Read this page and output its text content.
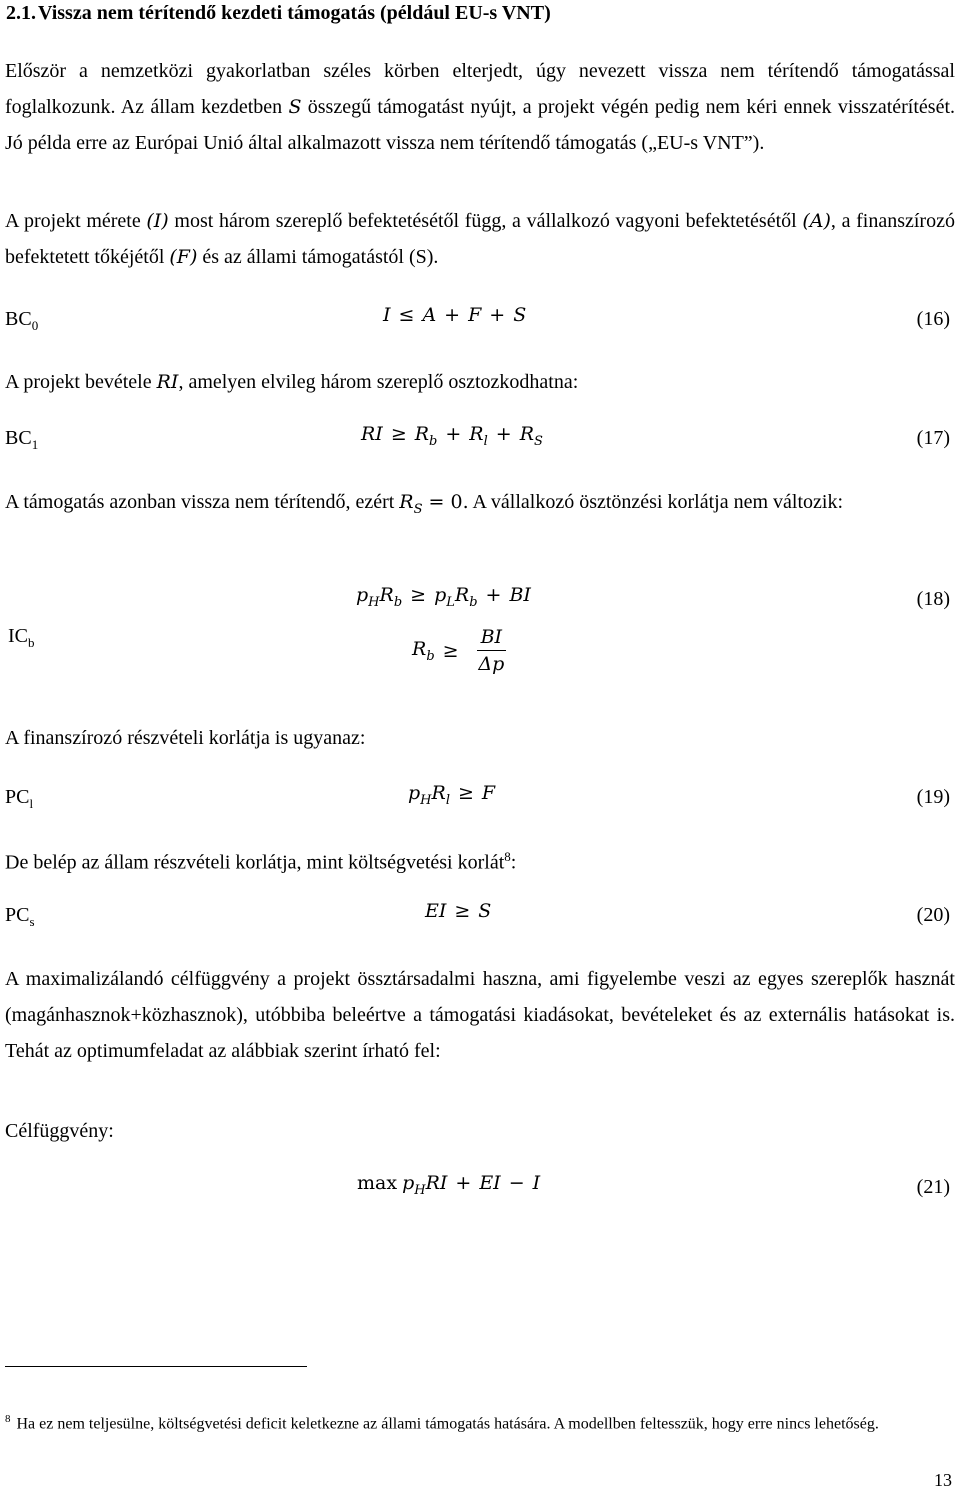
2.1. Vissza nem térítendő kezdeti támogatás (például EU-s VNT)

Először a nemzetközi gyakorlatban széles körben elterjedt, úgy nevezett vissza nem térítendő támogatással foglalkozunk. Az állam kezdetben S összegű támogatást nyújt, a projekt végén pedig nem kéri ennek visszatérítését. Jó példa erre az Európai Unió által alkalmazott vissza nem térítendő támogatás („EU-s VNT”).

A projekt mérete (I) most három szereplő befektetésétől függ, a vállalkozó vagyoni befektetésétől (A), a finanszírozó befektetett tőkéjétől (F) és az állami támogatástól (S).

$BC_0$	I ≤ A + F + S	(16)

A projekt bevétele RI, amelyen elvileg három szereplő osztozkodhatna:

$BC_1$	RI ≥ $R_b + R_l + R_S$	(17)

A támogatás azonban vissza nem térítendő, ezért $R_S = 0$. A vállalkozó ösztönzési korlátja nem változik:

$IC_b$
$p_HR_b \ge p_LR_b$ + BI	(18)
$R_b \ge \frac{BI}{\Delta p}$

A finanszírozó részvételi korlátja is ugyanaz:

$PC_l$	$p_HR_l \ge F$	(19)

De belép az állam részvételi korlátja, mint költségvetési korlát$^8$:

$PC_s$	EI ≥ S	(20)

A maximalizálandó célfüggvény a projekt össztársadalmi haszna, ami figyelembe veszi az egyes szereplők hasznát (magánhasznok+közhasznok), utóbbiba beleértve a támogatási kiadásokat, bevételeket és az externális hatásokat is. Tehát az optimumfeladat az alábbiak szerint írható fel:

Célfüggvény:

$\max p_HRI$ + EI − I	(21)

$^8$ Ha ez nem teljesülne, költségvetési deficit keletkezne az állami támogatás hatására. A modellben feltesszük, hogy erre nincs lehetőség.

13
